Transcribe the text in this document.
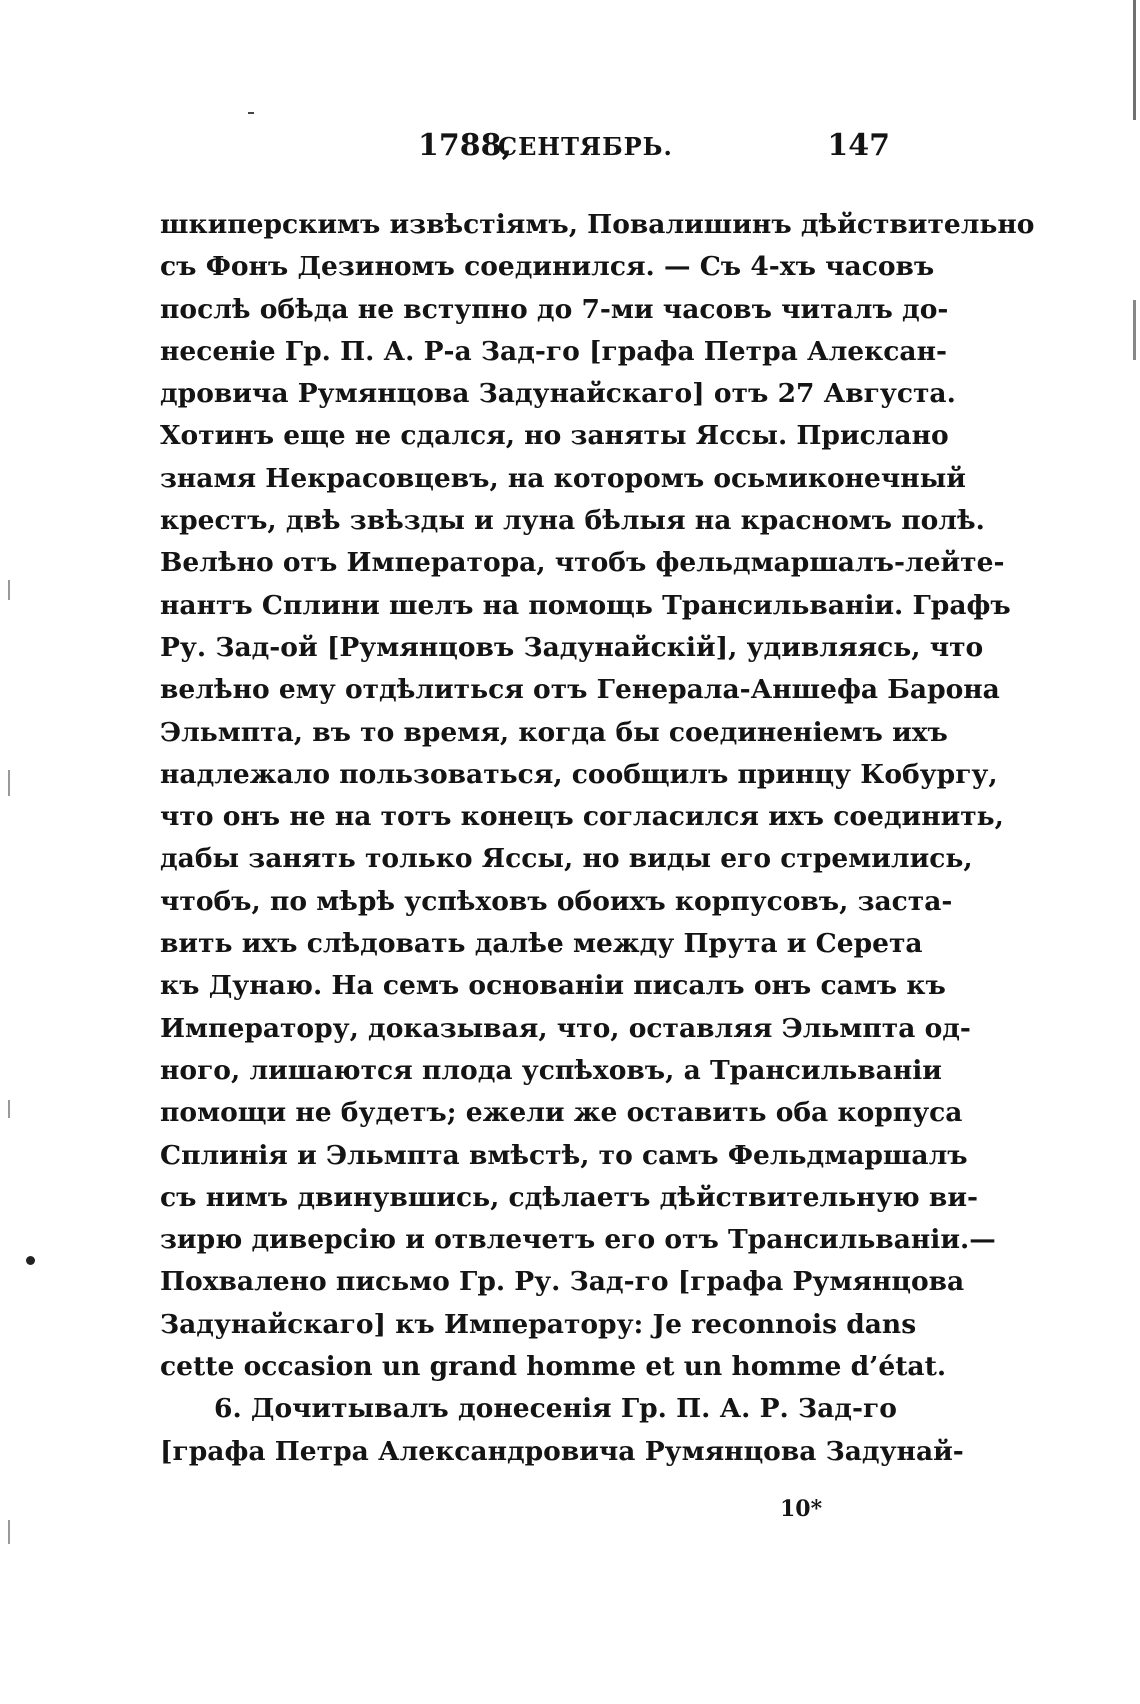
1788,
СЕНТЯБРЬ.	147
шкиперскимъ извѣстіямъ, Повалишинъ дѣйствительно
съ Фонъ Дезиномъ соединился. — Съ 4-хъ часовъ
послѣ обѣда не вступно до 7-ми часовъ читалъ до-
несеніе Гр. П. А. Р-а Зад-го [графа Петра Алексан-
дровича Румянцова Задунайскаго] отъ 27 Августа.
Хотинъ еще не сдался, но заняты Яссы. Прислано
знамя Некрасовцевъ, на которомъ осьмиконечный
крестъ, двѣ звѣзды и луна бѣлыя на красномъ полѣ.
Велѣно отъ Императора, чтобъ фельдмаршалъ-лейте-
нантъ Сплини шелъ на помощь Трансильваніи. Графъ
Ру. Зад-ой [Румянцовъ Задунайскій], удивляясь, что
велѣно ему отдѣлиться отъ Генерала-Аншефа Барона
Эльмпта, въ то время, когда бы соединеніемъ ихъ
надлежало пользоваться, сообщилъ принцу Кобургу,
что онъ не на тотъ конецъ согласился ихъ соединить,
дабы занять только Яссы, но виды его стремились,
чтобъ, по мѣрѣ успѣховъ обоихъ корпусовъ, заста-
вить ихъ слѣдовать далѣе между Прута и Серета
къ Дунаю. На семъ основаніи писалъ онъ самъ къ
Императору, доказывая, что, оставляя Эльмпта од-
ного, лишаются плода успѣховъ, а Трансильваніи
помощи не будетъ; ежели же оставить оба корпуса
Сплинія и Эльмпта вмѣстѣ, то самъ Фельдмаршалъ
съ нимъ двинувшись, сдѣлаетъ дѣйствительную ви-
зирю диверсію и отвлечетъ его отъ Трансильваніи.—
Похвалено письмо Гр. Ру. Зад-го [графа Румянцова
Задунайскаго] къ Императору: Je reconnois dans
cette occasion un grand homme et un homme d’état.
6. Дочитывалъ донесенія Гр. П. А. Р. Зад-го
[графа Петра Александровича Румянцова Задунай-
10*
